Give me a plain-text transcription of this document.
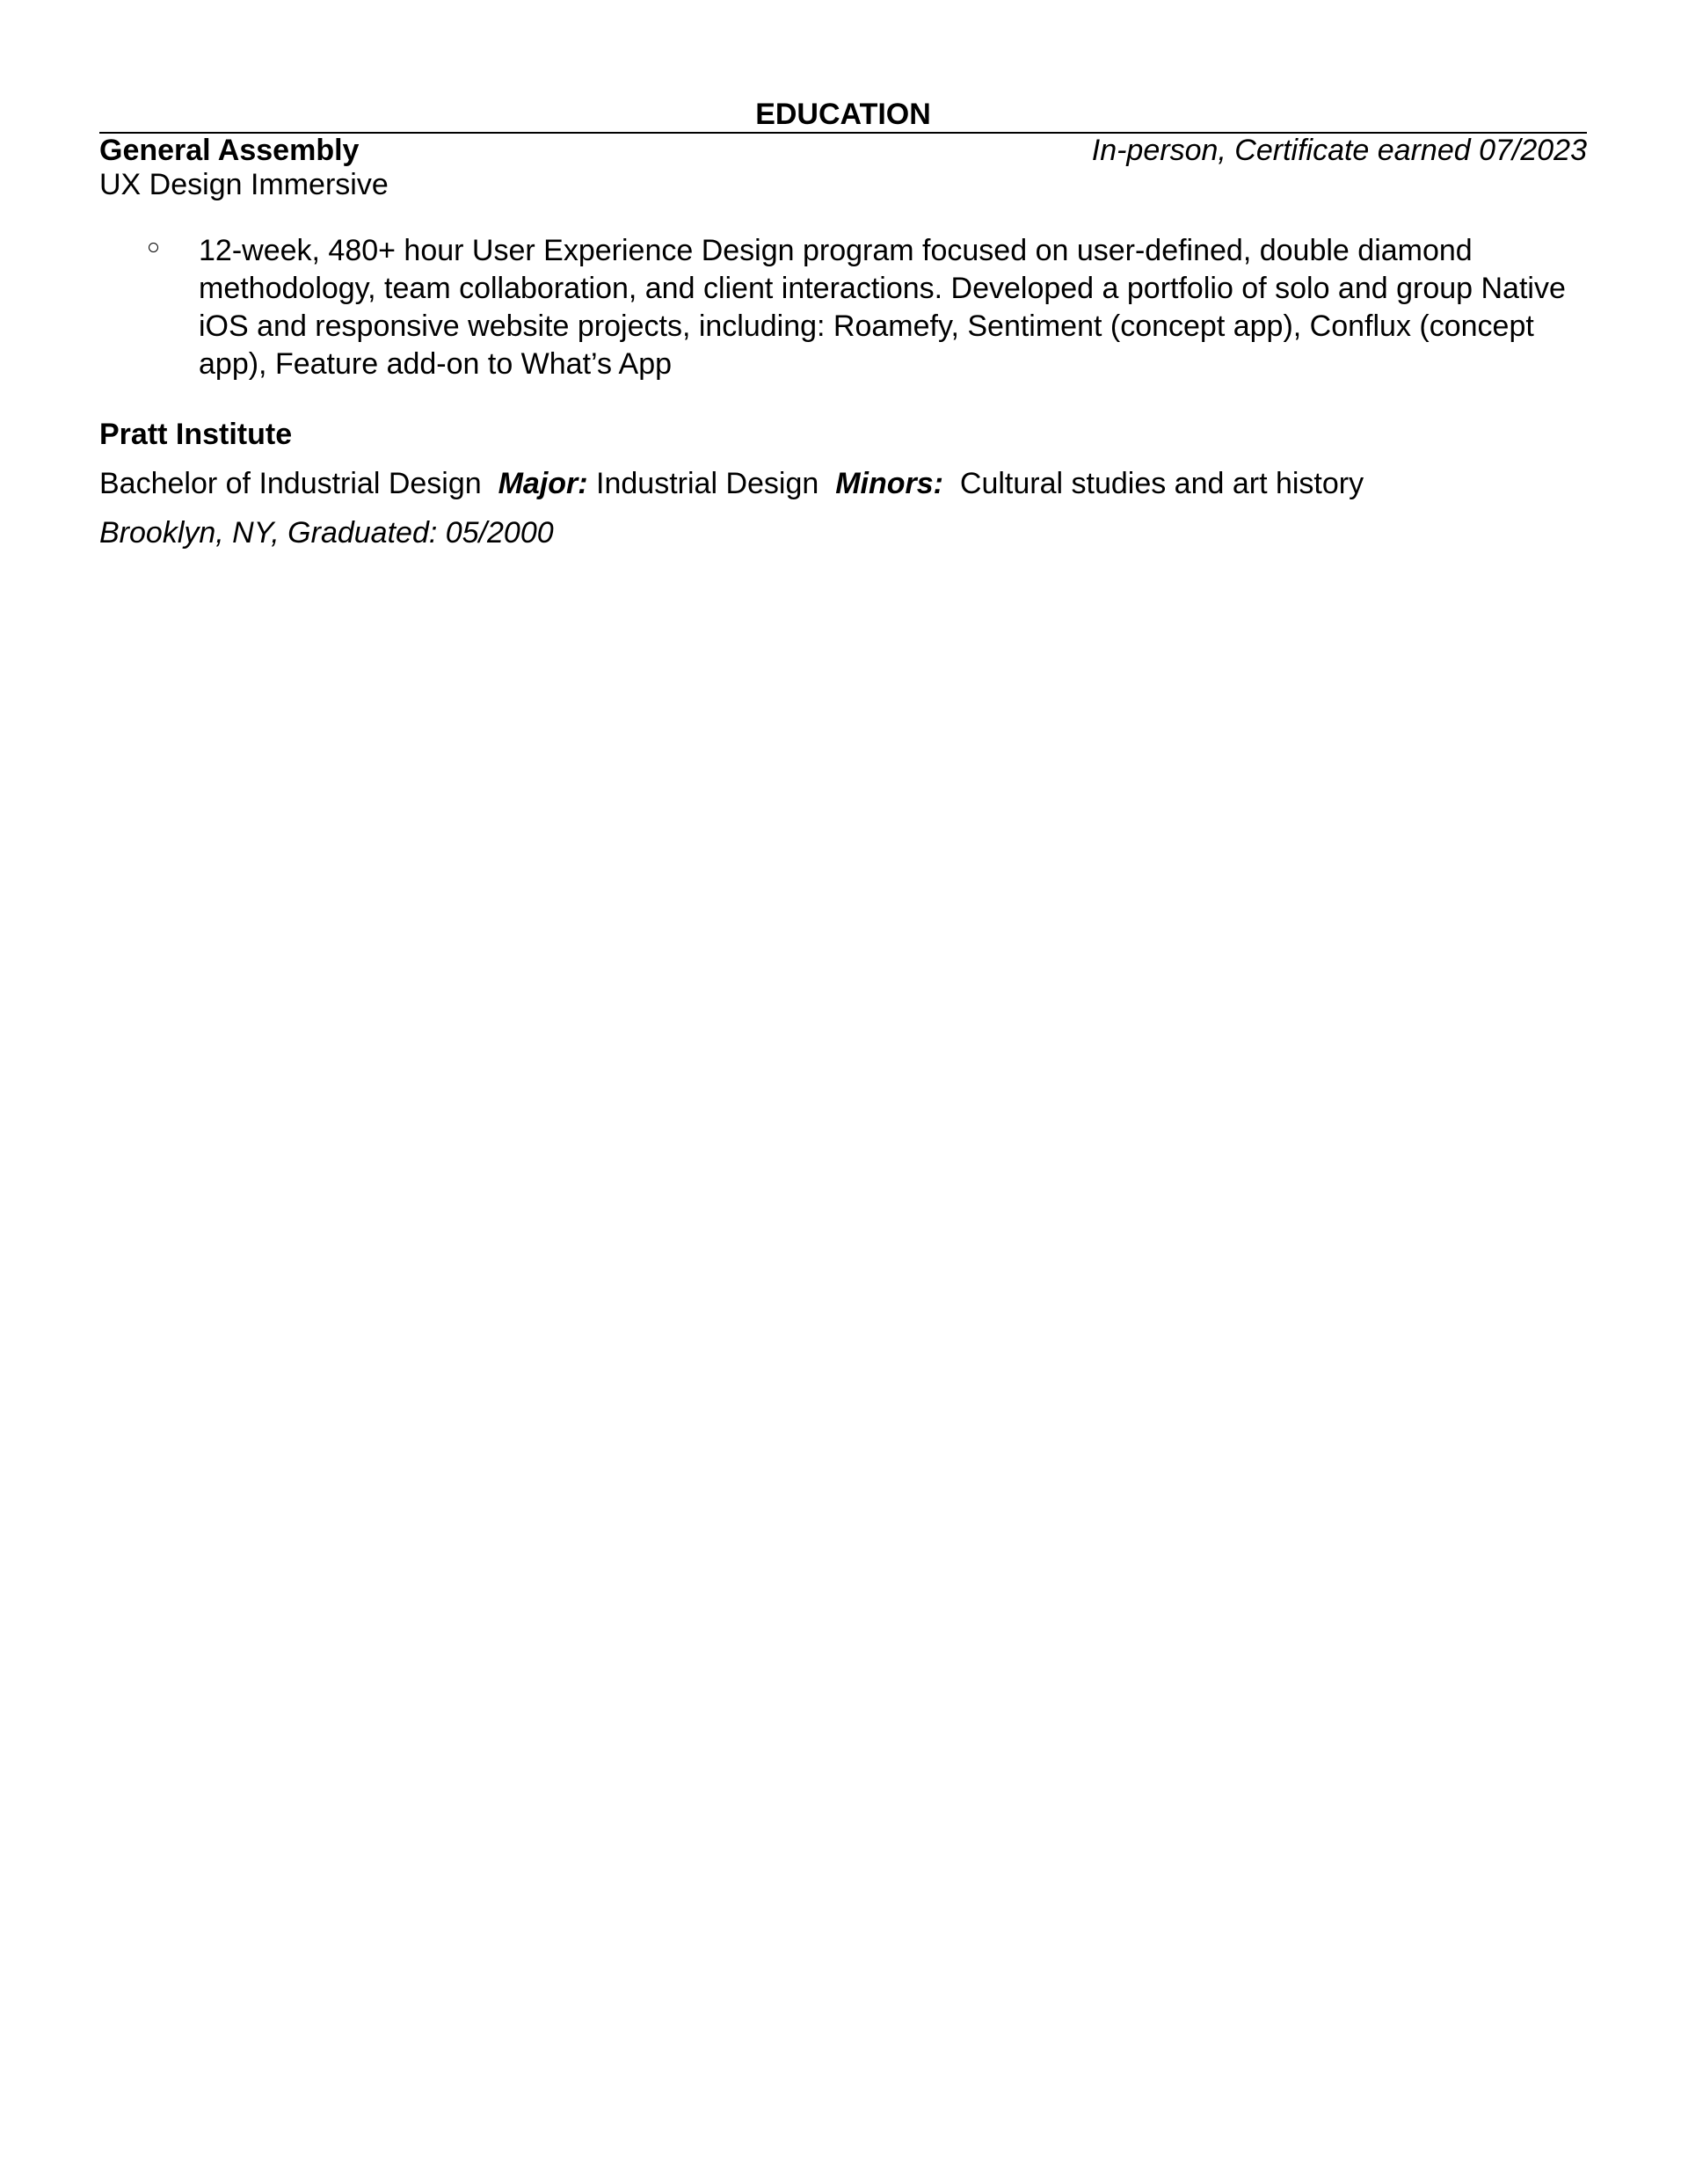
EDUCATION
General Assembly	In-person, Certificate earned 07/2023
UX Design Immersive
12-week, 480+ hour User Experience Design program focused on user-defined, double diamond
methodology, team collaboration, and client interactions. Developed a portfolio of solo and group Native
iOS and responsive website projects, including: Roamefy, Sentiment (concept app), Conflux (concept
app), Feature add-on to What’s App
Pratt Institute
Bachelor of Industrial Design Major: Industrial Design Minors: Cultural studies and art history
Brooklyn, NY, Graduated: 05/2000
